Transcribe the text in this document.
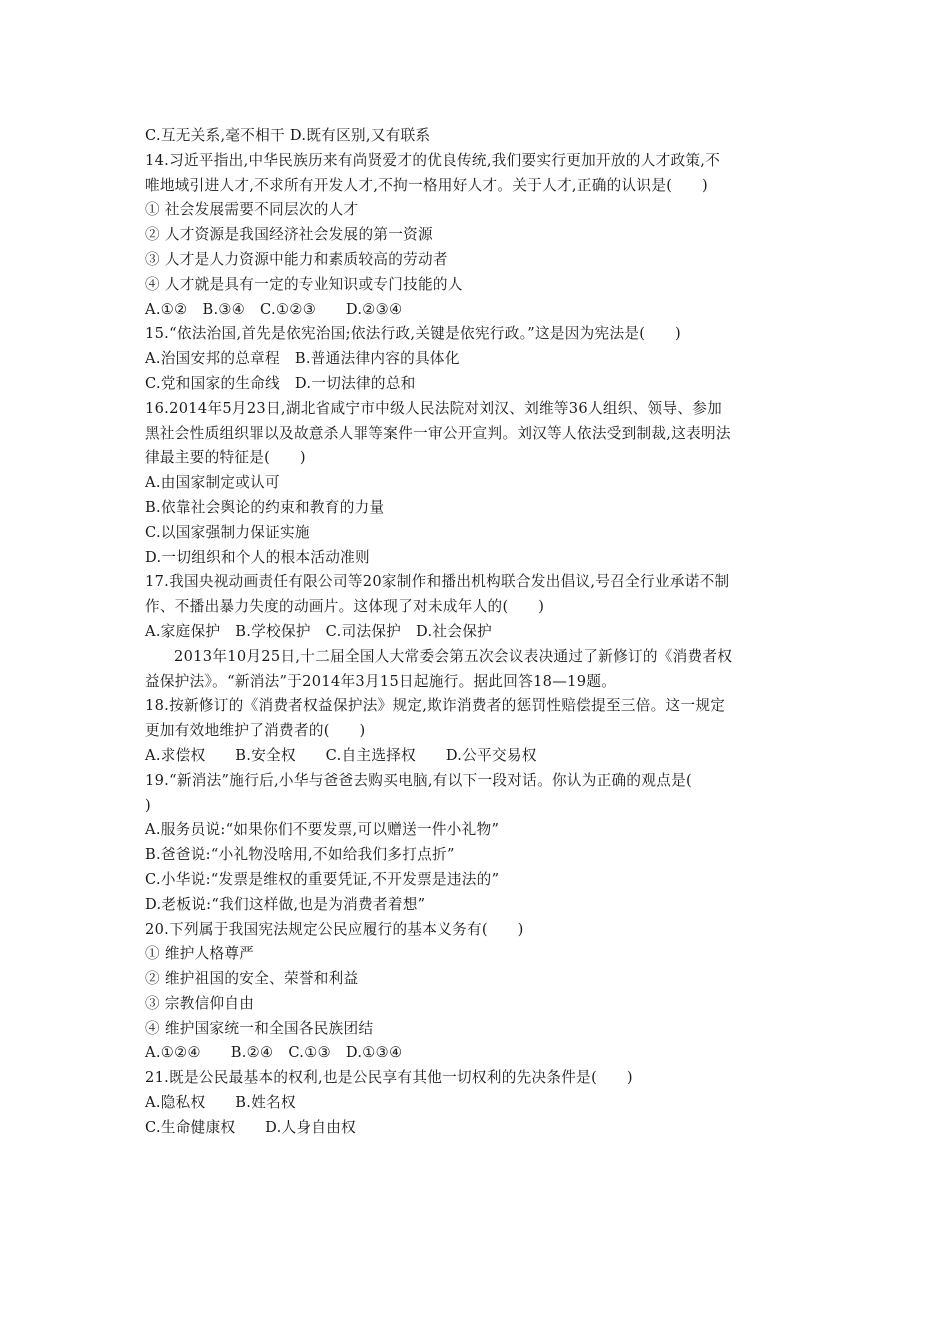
C.互无关系,毫不相干 D.既有区别,又有联系
14.习近平指出,中华民族历来有尚贤爱才的优良传统,我们要实行更加开放的人才政策,不
唯地域引进人才,不求所有开发人才,不拘一格用好人才。关于人才,正确的认识是(　　)
① 社会发展需要不同层次的人才
② 人才资源是我国经济社会发展的第一资源
③ 人才是人力资源中能力和素质较高的劳动者
④ 人才就是具有一定的专业知识或专门技能的人
A.①②　B.③④　C.①②③　　D.②③④
15.“依法治国,首先是依宪治国;依法行政,关键是依宪行政。”这是因为宪法是(　　)
A.治国安邦的总章程　B.普通法律内容的具体化
C.党和国家的生命线　D.一切法律的总和
16.2014年5月23日,湖北省咸宁市中级人民法院对刘汉、刘维等36人组织、领导、参加
黑社会性质组织罪以及故意杀人罪等案件一审公开宣判。刘汉等人依法受到制裁,这表明法
律最主要的特征是(　　)
A.由国家制定或认可
B.依靠社会舆论的约束和教育的力量
C.以国家强制力保证实施
D.一切组织和个人的根本活动准则
17.我国央视动画责任有限公司等20家制作和播出机构联合发出倡议,号召全行业承诺不制
作、不播出暴力失度的动画片。这体现了对未成年人的(　　)
A.家庭保护　B.学校保护　C.司法保护　D.社会保护
2013年10月25日,十二届全国人大常委会第五次会议表决通过了新修订的《消费者权
益保护法》。“新消法”于2014年3月15日起施行。据此回答18—19题。
18.按新修订的《消费者权益保护法》规定,欺诈消费者的惩罚性赔偿提至三倍。这一规定
更加有效地维护了消费者的(　　)
A.求偿权　　B.安全权　　C.自主选择权　　D.公平交易权
19.“新消法”施行后,小华与爸爸去购买电脑,有以下一段对话。你认为正确的观点是(
)
A.服务员说:“如果你们不要发票,可以赠送一件小礼物”
B.爸爸说:“小礼物没啥用,不如给我们多打点折”
C.小华说:“发票是维权的重要凭证,不开发票是违法的”
D.老板说:“我们这样做,也是为消费者着想”
20.下列属于我国宪法规定公民应履行的基本义务有(　　)
① 维护人格尊严
② 维护祖国的安全、荣誉和利益
③ 宗教信仰自由
④ 维护国家统一和全国各民族团结
A.①②④　　B.②④　C.①③　D.①③④
21.既是公民最基本的权利,也是公民享有其他一切权利的先决条件是(　　)
A.隐私权　　B.姓名权
C.生命健康权　　D.人身自由权
